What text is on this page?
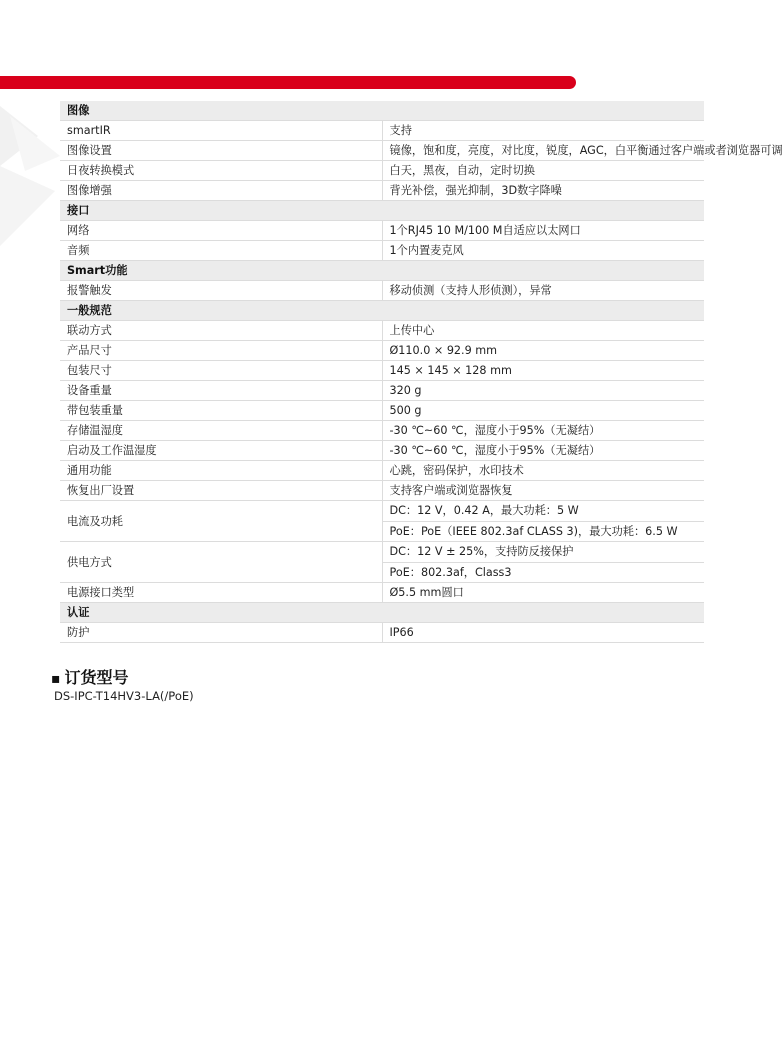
图像	
smartIR	支持
图像设置	镜像，饱和度，亮度，对比度，锐度，AGC，白平衡通过客户端或者浏览器可调
日夜转换模式	白天，黑夜，自动，定时切换
图像增强	背光补偿，强光抑制，3D数字降噪
接口	
网络	1个RJ45 10 M/100 M自适应以太网口
音频	1个内置麦克风
Smart功能	
报警触发	移动侦测（支持人形侦测），异常
一般规范	
联动方式	上传中心
产品尺寸	Ø110.0 × 92.9 mm
包装尺寸	145 × 145 × 128 mm
设备重量	320 g
带包装重量	500 g
存储温湿度	-30 ℃~60 ℃，湿度小于95%（无凝结）
启动及工作温湿度	-30 ℃~60 ℃，湿度小于95%（无凝结）
通用功能	心跳，密码保护，水印技术
恢复出厂设置	支持客户端或浏览器恢复
电流及功耗	DC：12 V，0.42 A，最大功耗：5 W
PoE：PoE（IEEE 802.3af CLASS 3)，最大功耗：6.5 W

供电方式	DC：12 V ± 25%，支持防反接保护
PoE：802.3af，Class3

电源接口类型	Ø5.5 mm圆口
认证	
防护	IP66
▪ 订货型号
DS-IPC-T14HV3-LA(/PoE)
